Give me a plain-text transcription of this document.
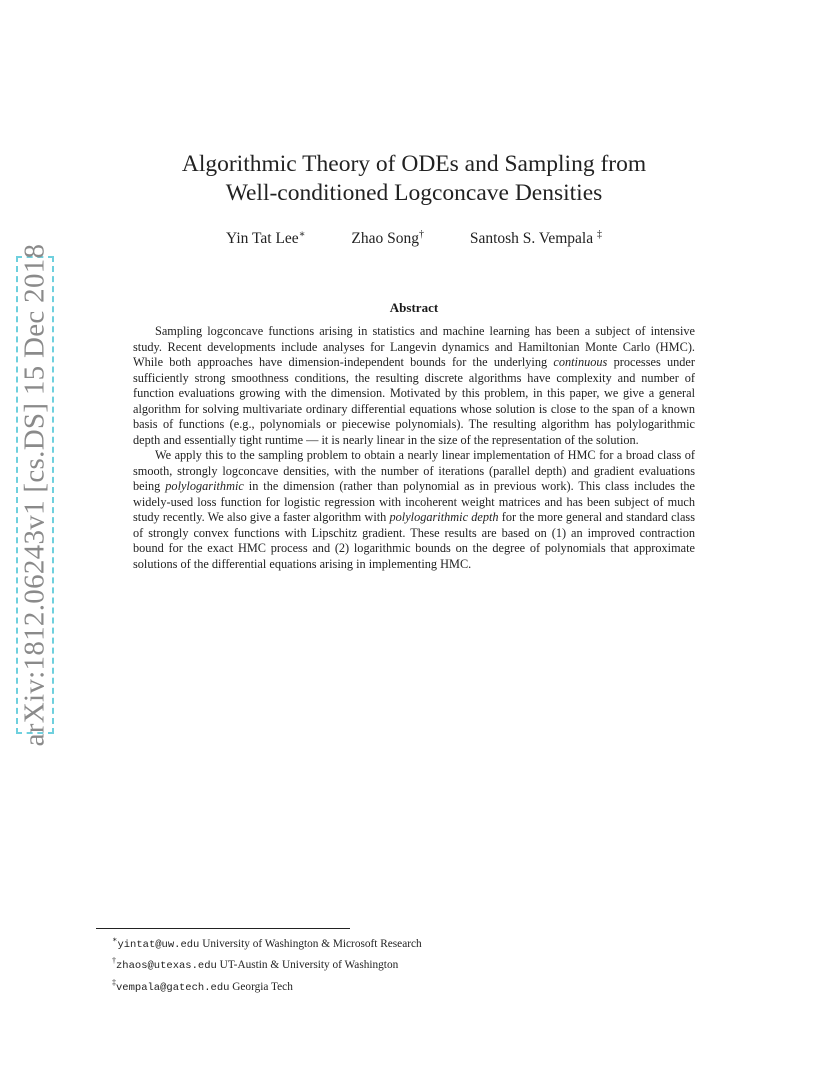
arXiv:1812.06243v1 [cs.DS] 15 Dec 2018
Algorithmic Theory of ODEs and Sampling from
Well-conditioned Logconcave Densities
Yin Tat Lee∗	Zhao Song†	Santosh S. Vempala ‡
Abstract

Sampling logconcave functions arising in statistics and machine learning has been a subject of intensive study. Recent developments include analyses for Langevin dynamics and Hamiltonian Monte Carlo (HMC). While both approaches have dimension-independent bounds for the underlying continuous processes under sufficiently strong smoothness conditions, the resulting discrete algorithms have complexity and number of function evaluations growing with the dimension. Motivated by this problem, in this paper, we give a general algorithm for solving multivariate ordinary differential equations whose solution is close to the span of a known basis of functions (e.g., polynomials or piecewise polynomials). The resulting algorithm has polylogarithmic depth and essentially tight runtime — it is nearly linear in the size of the representation of the solution.

We apply this to the sampling problem to obtain a nearly linear implementation of HMC for a broad class of smooth, strongly logconcave densities, with the number of iterations (parallel depth) and gradient evaluations being polylogarithmic in the dimension (rather than polynomial as in previous work). This class includes the widely-used loss function for logistic regression with incoherent weight matrices and has been subject of much study recently. We also give a faster algorithm with polylogarithmic depth for the more general and standard class of strongly convex functions with Lipschitz gradient. These results are based on (1) an improved contraction bound for the exact HMC process and (2) logarithmic bounds on the degree of polynomials that approximate solutions of the differential equations arising in implementing HMC.

∗yintat@uw.edu University of Washington & Microsoft Research
†zhaos@utexas.edu UT-Austin & University of Washington
‡vempala@gatech.edu Georgia Tech
